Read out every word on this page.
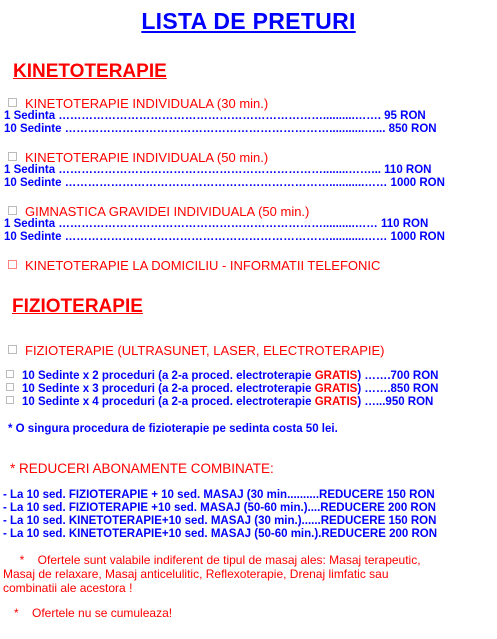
LISTA DE PRETURI
KINETOTERAPIE
KINETOTERAPIE INDIVIDUALA (30 min.)
1 Sedinta ……………………………………………………………..........……. 95 RON
10 Sedinte ……………………………………………………………...........…... 850 RON
KINETOTERAPIE INDIVIDUALA (50 min.)
1 Sedinta ……………………………………………………………........……... 110 RON
10 Sedinte ……………………………………………………………...........…… 1000 RON
GIMNASTICA GRAVIDEI INDIVIDUALA (50 min.)
1 Sedinta ……………………………………………………………..........…… 110 RON
10 Sedinte ……………………………………………………………...........…… 1000 RON
KINETOTERAPIE LA DOMICILIU - INFORMATII TELEFONIC
FIZIOTERAPIE
FIZIOTERAPIE (ULTRASUNET, LASER, ELECTROTERAPIE)
10 Sedinte x 2 proceduri (a 2-a proced. electroterapie GRATIS) …….700 RON
10 Sedinte x 3 proceduri (a 2-a proced. electroterapie GRATIS) …….850 RON
10 Sedinte x 4 proceduri (a 2-a proced. electroterapie GRATIS) …...950 RON
* O singura procedura de fizioterapie pe sedinta costa 50 lei.
* REDUCERI ABONAMENTE COMBINATE:
- La 10 sed. FIZIOTERAPIE + 10 sed. MASAJ (30 min..........REDUCERE 150 RON
- La 10 sed. FIZIOTERAPIE +10 sed. MASAJ (50-60 min.)....REDUCERE 200 RON
- La 10 sed. KINETOTERAPIE+10 sed. MASAJ (30 min.)......REDUCERE 150 RON
- La 10 sed. KINETOTERAPIE+10 sed. MASAJ (50-60 min.).REDUCERE 200 RON
*    Ofertele sunt valabile indiferent de tipul de masaj ales: Masaj terapeutic,
Masaj de relaxare, Masaj anticelulitic, Reflexoterapie, Drenaj limfatic sau
combinatii ale acestora !
*    Ofertele nu se cumuleaza!
